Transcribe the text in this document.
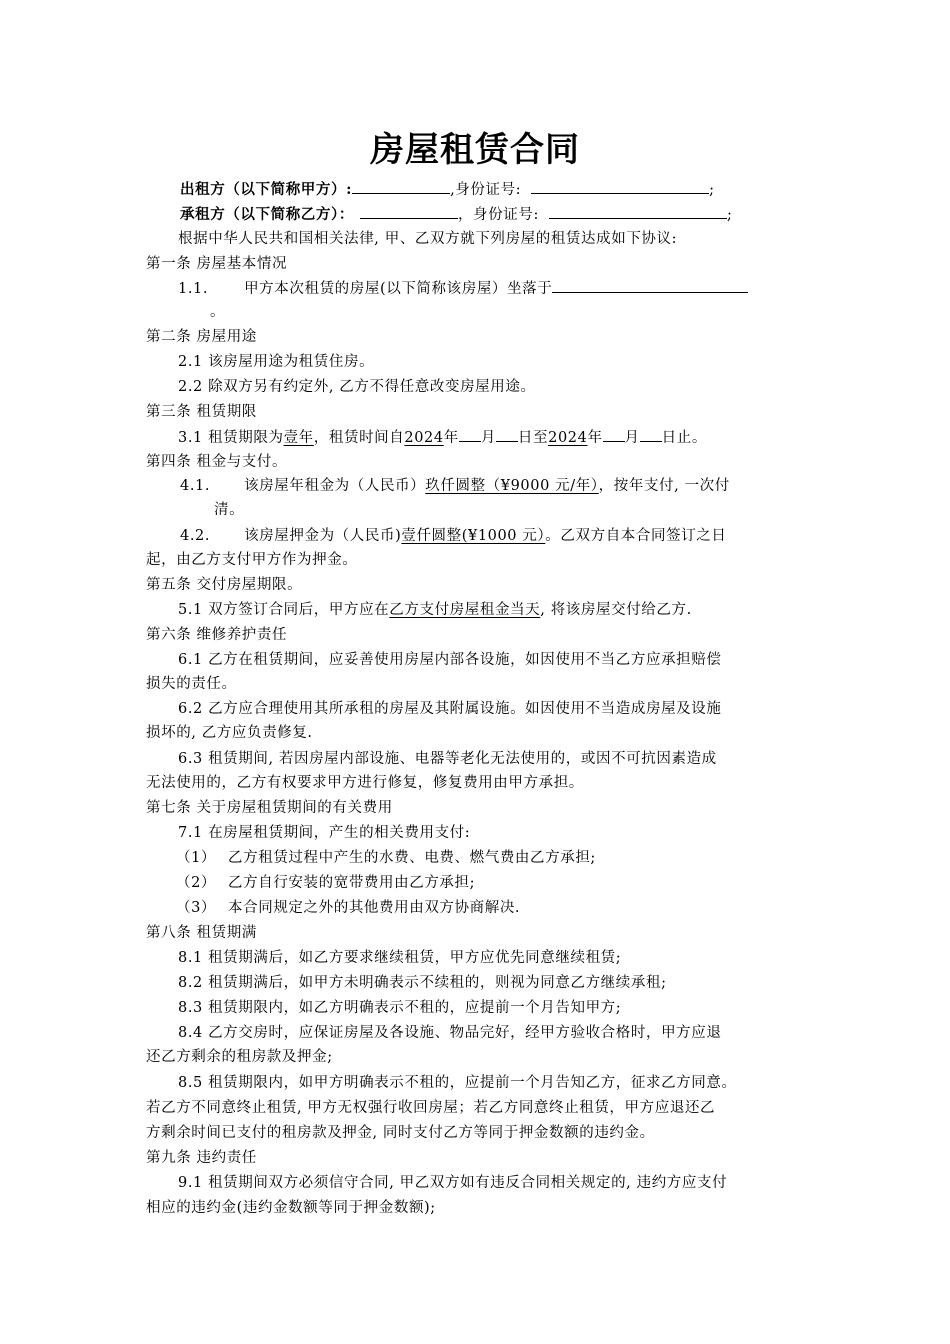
房屋租赁合同
出租方（以下简称甲方）:	,身份证号:	;
承租方（以下简称乙方）：	，身份证号:	;
根据中华人民共和国相关法律, 甲、乙双方就下列房屋的租赁达成如下协议:
第一条 房屋基本情况
1.1. 甲方本次租赁的房屋(以下简称该房屋）坐落于
。
第二条 房屋用途
2.1 该房屋用途为租赁住房。
2.2 除双方另有约定外, 乙方不得任意改变房屋用途。
第三条 租赁期限
3.1 租赁期限为壹年，租赁时间自2024年 月 日至2024年 月 日止。
第四条 租金与支付。
4.1. 该房屋年租金为（人民币）玖仟圆整（¥9000 元/年），按年支付, 一次付
清。
4.2. 该房屋押金为（人民币)壹仟圆整(¥1000 元）。乙双方自本合同签订之日
起，由乙方支付甲方作为押金。
第五条 交付房屋期限。
5.1 双方签订合同后，甲方应在乙方支付房屋租金当天, 将该房屋交付给乙方.
第六条 维修养护责任
6.1 乙方在租赁期间，应妥善使用房屋内部各设施，如因使用不当乙方应承担赔偿
损失的责任。
6.2 乙方应合理使用其所承租的房屋及其附属设施。如因使用不当造成房屋及设施
损坏的, 乙方应负责修复.
6.3 租赁期间, 若因房屋内部设施、电器等老化无法使用的，或因不可抗因素造成
无法使用的，乙方有权要求甲方进行修复，修复费用由甲方承担。
第七条 关于房屋租赁期间的有关费用
7.1 在房屋租赁期间，产生的相关费用支付:
（1） 乙方租赁过程中产生的水费、电费、燃气费由乙方承担;
（2） 乙方自行安装的宽带费用由乙方承担;
（3） 本合同规定之外的其他费用由双方协商解决.
第八条 租赁期满
8.1 租赁期满后，如乙方要求继续租赁，甲方应优先同意继续租赁;
8.2 租赁期满后，如甲方未明确表示不续租的，则视为同意乙方继续承租;
8.3 租赁期限内，如乙方明确表示不租的，应提前一个月告知甲方;
8.4 乙方交房时，应保证房屋及各设施、物品完好，经甲方验收合格时，甲方应退
还乙方剩余的租房款及押金;
8.5 租赁期限内，如甲方明确表示不租的，应提前一个月告知乙方，征求乙方同意。
若乙方不同意终止租赁, 甲方无权强行收回房屋；若乙方同意终止租赁，甲方应退还乙
方剩余时间已支付的租房款及押金, 同时支付乙方等同于押金数额的违约金。
第九条 违约责任
9.1 租赁期间双方必须信守合同, 甲乙双方如有违反合同相关规定的, 违约方应支付
相应的违约金(违约金数额等同于押金数额);
